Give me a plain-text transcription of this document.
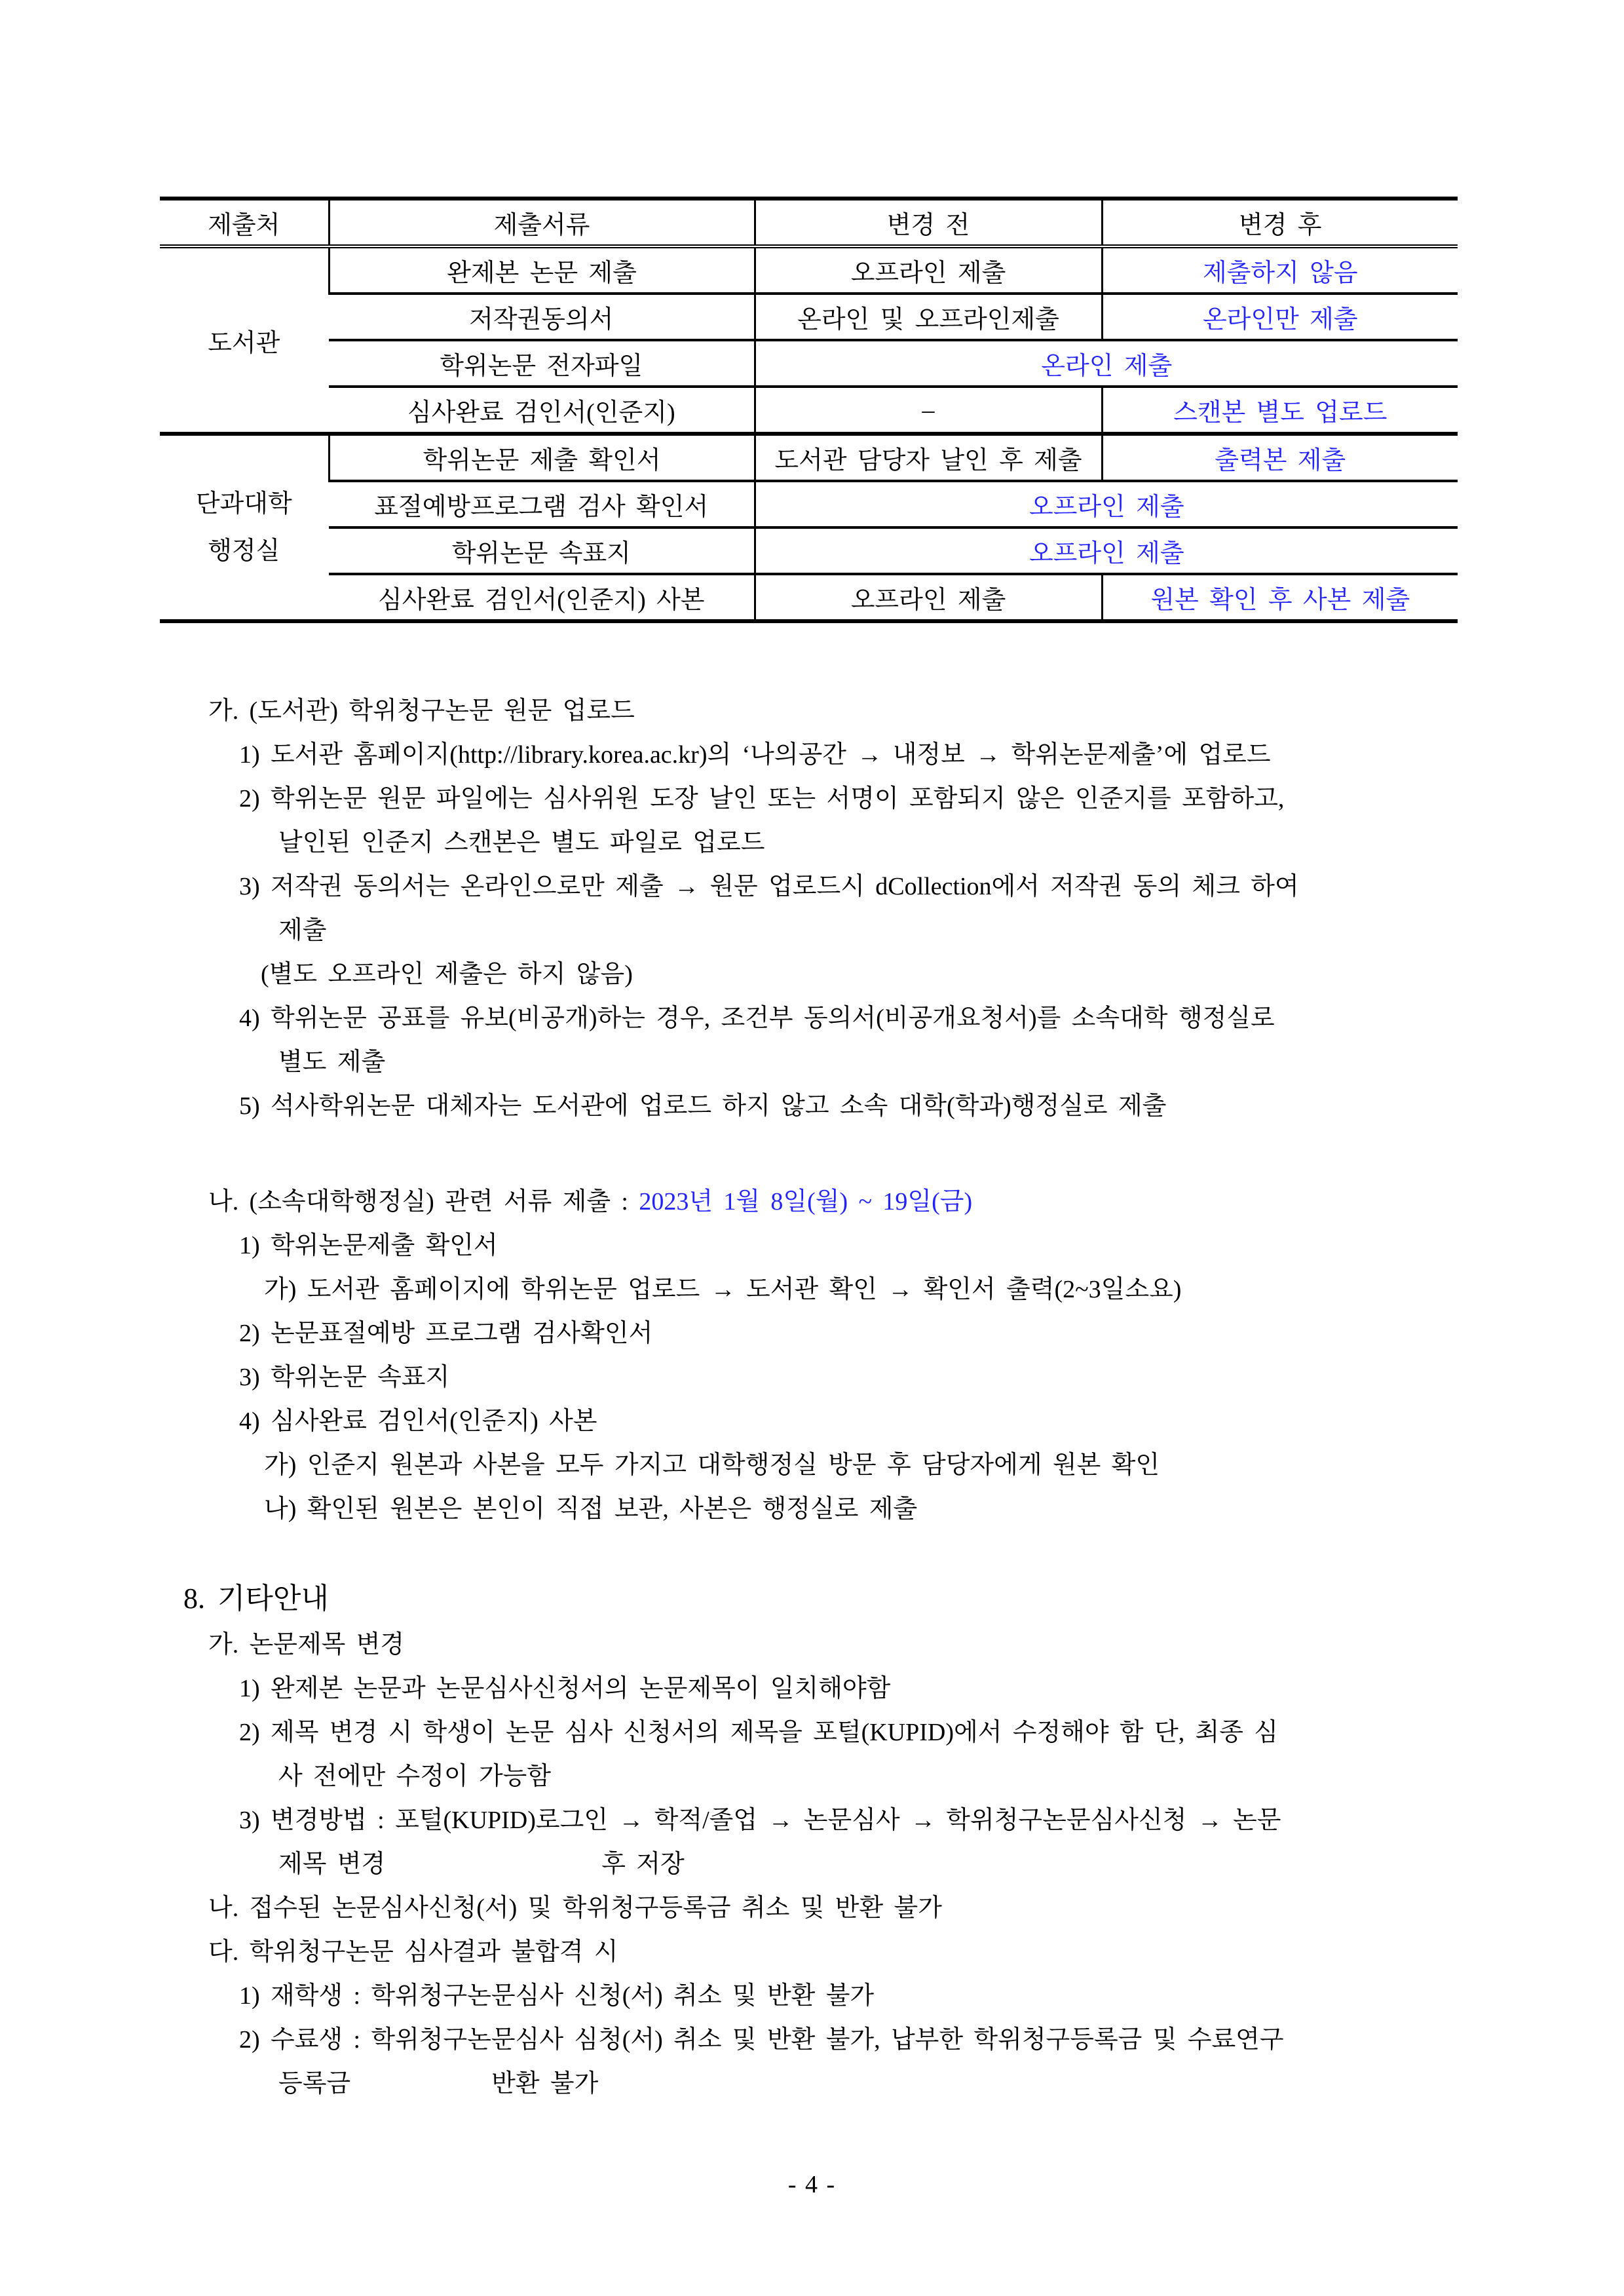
제출처	제출서류	변경 전	변경 후
도서관	완제본 논문 제출	오프라인 제출	제출하지 않음
	저작권동의서	온라인 및 오프라인제출	온라인만 제출
	학위논문 전자파일	온라인 제출	
	심사완료 검인서(인준지)	–	스캔본 별도 업로드

단과대학
행정실	학위논문 제출 확인서	도서관 담당자 날인 후 제출	출력본 제출
	표절예방프로그램 검사 확인서	오프라인 제출	
	학위논문 속표지	오프라인 제출	
	심사완료 검인서(인준지) 사본	오프라인 제출	원본 확인 후 사본 제출
가. (도서관) 학위청구논문 원문 업로드
1) 도서관 홈페이지(http://library.korea.ac.kr)의 ‘나의공간 → 내정보 → 학위논문제출’에 업로드
2) 학위논문 원문 파일에는 심사위원 도장 날인 또는 서명이 포함되지 않은 인준지를 포함하고,
날인된 인준지 스캔본은 별도 파일로 업로드
3) 저작권 동의서는 온라인으로만 제출 → 원문 업로드시 dCollection에서 저작권 동의 체크 하여
제출
(별도 오프라인 제출은 하지 않음)
4) 학위논문 공표를 유보(비공개)하는 경우, 조건부 동의서(비공개요청서)를 소속대학 행정실로
별도 제출
5) 석사학위논문 대체자는 도서관에 업로드 하지 않고 소속 대학(학과)행정실로 제출
나. (소속대학행정실) 관련 서류 제출 : 2023년 1월 8일(월) ~ 19일(금)
1) 학위논문제출 확인서
가) 도서관 홈페이지에 학위논문 업로드 → 도서관 확인 → 확인서 출력(2~3일소요)
2) 논문표절예방 프로그램 검사확인서
3) 학위논문 속표지
4) 심사완료 검인서(인준지) 사본
가) 인준지 원본과 사본을 모두 가지고 대학행정실 방문 후 담당자에게 원본 확인
나) 확인된 원본은 본인이 직접 보관, 사본은 행정실로 제출
8. 기타안내
가. 논문제목 변경
1) 완제본 논문과 논문심사신청서의 논문제목이 일치해야함
2) 제목 변경 시 학생이 논문 심사 신청서의 제목을 포털(KUPID)에서 수정해야 함 단, 최종 심
사 전에만 수정이 가능함
3) 변경방법 : 포털(KUPID)로그인 → 학적/졸업 → 논문심사 → 학위청구논문심사신청 → 논문
제목 변경	후 저장
나. 접수된 논문심사신청(서) 및 학위청구등록금 취소 및 반환 불가
다. 학위청구논문 심사결과 불합격 시
1) 재학생 : 학위청구논문심사 신청(서) 취소 및 반환 불가
2) 수료생 : 학위청구논문심사 심청(서) 취소 및 반환 불가, 납부한 학위청구등록금 및 수료연구
등록금	반환 불가
- 4 -
